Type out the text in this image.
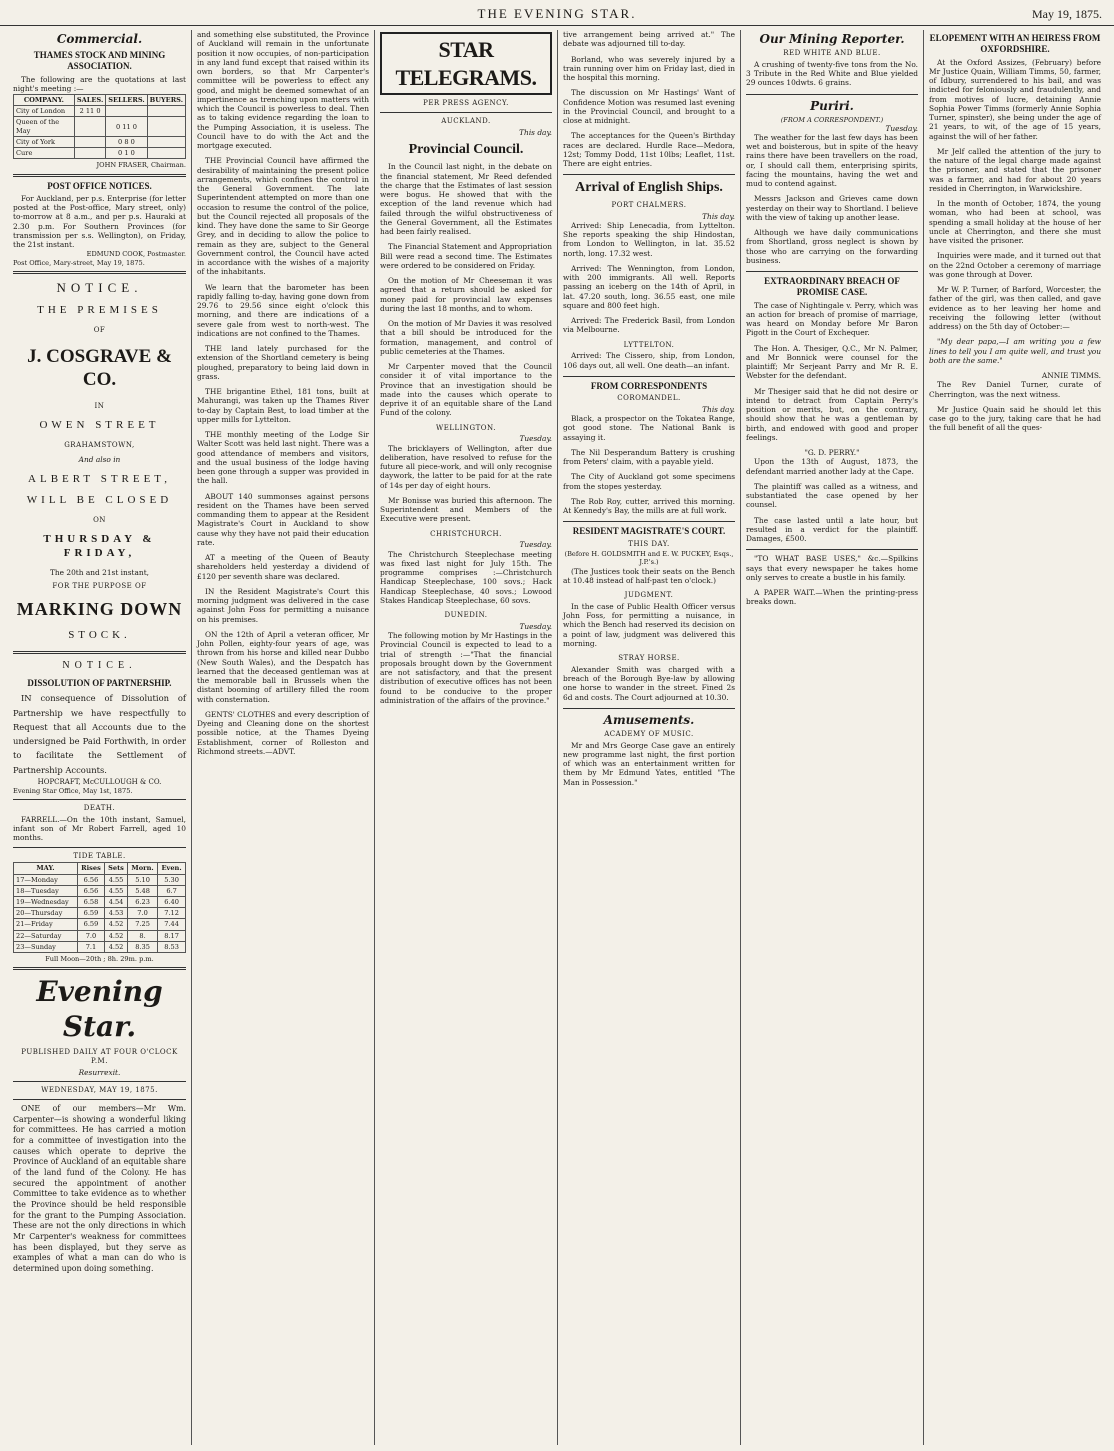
THE EVENING STAR.	May 19, 1875.
Commercial.
THAMES STOCK AND MINING ASSOCIATION.

The following are the quotations at last night's meeting :—

COMPANY.	SALES.	SELLERS.	BUYERS.
City of London	2 11 0		
Queen of the May		0 11 0	
City of York		0 8 0	
Cure		0 1 0	
JOHN FRASER, Chairman.
POST OFFICE NOTICES.

For Auckland, per p.s. Enterprise (for letter posted at the Post-office, Mary street, only) to-morrow at 8 a.m., and per p.s. Hauraki at 2.30 p.m. For Southern Provinces (for transmission per s.s. Wellington), on Friday, the 21st instant.

EDMUND COOK, Postmaster.
Post Office, Mary-street, May 19, 1875.
NOTICE.
THE PREMISES
OF
J. COSGRAVE & CO.
IN
OWEN STREET
GRAHAMSTOWN,
And also in
ALBERT STREET,
WILL BE CLOSED
ON
THURSDAY & FRIDAY,
The 20th and 21st instant,
FOR THE PURPOSE OF
MARKING DOWN
STOCK.
NOTICE.
DISSOLUTION OF PARTNERSHIP.

IN consequence of Dissolution of Partnership we have respectfully to Request that all Accounts due to the undersigned be Paid Forthwith, in order to facilitate the Settlement of Partnership Accounts.

HOPCRAFT, McCULLOUGH & CO.
Evening Star Office, May 1st, 1875.
DEATH.

FARRELL.—On the 10th instant, Samuel, infant son of Mr Robert Farrell, aged 10 months.

TIDE TABLE.
MAY.	Rises	Sets	Morn.	Even.
17—Monday	6.56	4.55	5.10	5.30
18—Tuesday	6.56	4.55	5.48	6.7
19—Wednesday	6.58	4.54	6.23	6.40
20—Thursday	6.59	4.53	7.0	7.12
21—Friday	6.59	4.52	7.25	7.44
22—Saturday	7.0	4.52	8.	8.17
23—Sunday	7.1	4.52	8.35	8.53
Full Moon—20th ; 8h. 29m. p.m.
Evening Star.
PUBLISHED DAILY AT FOUR O'CLOCK P.M.
Resurrexit.
WEDNESDAY, MAY 19, 1875.

ONE of our members—Mr Wm. Carpenter—is showing a wonderful liking for committees. He has carried a motion for a committee of investigation into the causes which operate to deprive the Province of Auckland of an equitable share of the land fund of the Colony. He has secured the appointment of another Committee to take evidence as to whether the Province should be held responsible for the grant to the Pumping Association. These are not the only directions in which Mr Carpenter's weakness for committees has been displayed, but they serve as examples of what a man can do who is determined upon doing something.

and something else substituted, the Province of Auckland will remain in the unfortunate position it now occupies, of non-participation in any land fund except that raised within its own borders, so that Mr Carpenter's committee will be powerless to effect any good, and might be deemed somewhat of an impertinence as trenching upon matters with which the Council is powerless to deal. Then as to taking evidence regarding the loan to the Pumping Association, it is useless. The Council have to do with the Act and the mortgage executed.

THE Provincial Council have affirmed the desirability of maintaining the present police arrangements, which confines the control in the General Government. The late Superintendent attempted on more than one occasion to resume the control of the police, but the Council rejected all proposals of the kind. They have done the same to Sir George Grey, and in deciding to allow the police to remain as they are, subject to the General Government control, the Council have acted in accordance with the wishes of a majority of the inhabitants.

We learn that the barometer has been rapidly falling to-day, having gone down from 29.76 to 29.56 since eight o'clock this morning, and there are indications of a severe gale from west to north-west. The indications are not confined to the Thames.

THE land lately purchased for the extension of the Shortland cemetery is being ploughed, preparatory to being laid down in grass.

THE brigantine Ethel, 181 tons, built at Mahurangi, was taken up the Thames River to-day by Captain Best, to load timber at the upper mills for Lyttelton.

THE monthly meeting of the Lodge Sir Walter Scott was held last night. There was a good attendance of members and visitors, and the usual business of the lodge having been gone through a supper was provided in the hall.

ABOUT 140 summonses against persons resident on the Thames have been served commanding them to appear at the Resident Magistrate's Court in Auckland to show cause why they have not paid their education rate.

AT a meeting of the Queen of Beauty shareholders held yesterday a dividend of £120 per seventh share was declared.

IN the Resident Magistrate's Court this morning judgment was delivered in the case against John Foss for permitting a nuisance on his premises.

ON the 12th of April a veteran officer, Mr John Pollen, eighty-four years of age, was thrown from his horse and killed near Dubbo (New South Wales), and the Despatch has learned that the deceased gentleman was at the memorable ball in Brussels when the distant booming of artillery filled the room with consternation.

GENTS' CLOTHES and every description of Dyeing and Cleaning done on the shortest possible notice, at the Thames Dyeing Establishment, corner of Rolleston and Richmond streets.—ADVT.

STAR TELEGRAMS.
PER PRESS AGENCY.
AUCKLAND.
This day.
Provincial Council.

In the Council last night, in the debate on the financial statement, Mr Reed defended the charge that the Estimates of last session were bogus. He showed that with the exception of the land revenue which had failed through the wilful obstructiveness of the General Government, all the Estimates had been fairly realised.

The Financial Statement and Appropriation Bill were read a second time. The Estimates were ordered to be considered on Friday.

On the motion of Mr Cheeseman it was agreed that a return should be asked for money paid for provincial law expenses during the last 18 months, and to whom.

On the motion of Mr Davies it was resolved that a bill should be introduced for the formation, management, and control of public cemeteries at the Thames.

Mr Carpenter moved that the Council consider it of vital importance to the Province that an investigation should be made into the causes which operate to deprive it of an equitable share of the Land Fund of the colony.

WELLINGTON.
Tuesday.

The bricklayers of Wellington, after due deliberation, have resolved to refuse for the future all piece-work, and will only recognise daywork, the latter to be paid for at the rate of 14s per day of eight hours.

Mr Bonisse was buried this afternoon. The Superintendent and Members of the Executive were present.

CHRISTCHURCH.
Tuesday.

The Christchurch Steeplechase meeting was fixed last night for July 15th. The programme comprises :—Christchurch Handicap Steeplechase, 100 sovs.; Hack Handicap Steeplechase, 40 sovs.; Lowood Stakes Handicap Steeplechase, 60 sovs.

DUNEDIN.
Tuesday.

The following motion by Mr Hastings in the Provincial Council is expected to lead to a trial of strength :—"That the financial proposals brought down by the Government are not satisfactory, and that the present distribution of executive offices has not been found to be conducive to the proper administration of the affairs of the province."

tive arrangement being arrived at." The debate was adjourned till to-day.

Borland, who was severely injured by a train running over him on Friday last, died in the hospital this morning.

The discussion on Mr Hastings' Want of Confidence Motion was resumed last evening in the Provincial Council, and brought to a close at midnight.

The acceptances for the Queen's Birthday races are declared. Hurdle Race—Medora, 12st; Tommy Dodd, 11st 10lbs; Leaflet, 11st. There are eight entries.

Arrival of English Ships.
PORT CHALMERS.
This day.

Arrived: Ship Lenecadia, from Lyttelton. She reports speaking the ship Hindostan, from London to Wellington, in lat. 35.52 north, long. 17.32 west.

Arrived: The Wennington, from London, with 200 immigrants. All well. Reports passing an iceberg on the 14th of April, in lat. 47.20 south, long. 36.55 east, one mile square and 800 feet high.

Arrived: The Frederick Basil, from London via Melbourne.

LYTTELTON.

Arrived: The Cissero, ship, from London, 106 days out, all well. One death—an infant.

FROM CORRESPONDENTS
COROMANDEL.
This day.

Black, a prospector on the Tokatea Range, got good stone. The National Bank is assaying it.

The Nil Desperandum Battery is crushing from Peters' claim, with a payable yield.

The City of Auckland got some specimens from the stopes yesterday.

The Rob Roy, cutter, arrived this morning. At Kennedy's Bay, the mills are at full work.

RESIDENT MAGISTRATE'S COURT.
THIS DAY.
(Before H. GOLDSMITH and E. W. PUCKEY, Esqs., J.P.'s.)

(The Justices took their seats on the Bench at 10.48 instead of half-past ten o'clock.)

JUDGMENT.

In the case of Public Health Officer versus John Foss, for permitting a nuisance, in which the Bench had reserved its decision on a point of law, judgment was delivered this morning.

STRAY HORSE.

Alexander Smith was charged with a breach of the Borough Bye-law by allowing one horse to wander in the street. Fined 2s 6d and costs. The Court adjourned at 10.30.

Amusements.
ACADEMY OF MUSIC.

Mr and Mrs George Case gave an entirely new programme last night, the first portion of which was an entertainment written for them by Mr Edmund Yates, entitled "The Man in Possession."

Our Mining Reporter.
RED WHITE AND BLUE.

A crushing of twenty-five tons from the No. 3 Tribute in the Red White and Blue yielded 29 ounces 10dwts. 6 grains.

Puriri.
(FROM A CORRESPONDENT.)
Tuesday.

The weather for the last few days has been wet and boisterous, but in spite of the heavy rains there have been travellers on the road, or, I should call them, enterprising spirits, facing the mountains, having the wet and mud to contend against.

Messrs Jackson and Grieves came down yesterday on their way to Shortland. I believe with the view of taking up another lease.

Although we have daily communications from Shortland, gross neglect is shown by those who are carrying on the forwarding business.

EXTRAORDINARY BREACH OF PROMISE CASE.

The case of Nightingale v. Perry, which was an action for breach of promise of marriage, was heard on Monday before Mr Baron Pigott in the Court of Exchequer.

The Hon. A. Thesiger, Q.C., Mr N. Palmer, and Mr Bonnick were counsel for the plaintiff; Mr Serjeant Parry and Mr R. E. Webster for the defendant.

Mr Thesiger said that he did not desire or intend to detract from Captain Perry's position or merits, but, on the contrary, should show that he was a gentleman by birth, and endowed with good and proper feelings.

"G. D. PERRY."

Upon the 13th of August, 1873, the defendant married another lady at the Cape.

The plaintiff was called as a witness, and substantiated the case opened by her counsel.

The case lasted until a late hour, but resulted in a verdict for the plaintiff. Damages, £500.

"TO WHAT BASE USES," &c.—Spilkins says that every newspaper he takes home only serves to create a bustle in his family.

A PAPER WAIT.—When the printing-press breaks down.

ELOPEMENT WITH AN HEIRESS FROM OXFORDSHIRE.

At the Oxford Assizes, (February) before Mr Justice Quain, William Timms, 50, farmer, of Idbury, surrendered to his bail, and was indicted for feloniously and fraudulently, and from motives of lucre, detaining Annie Sophia Power Timms (formerly Annie Sophia Turner, spinster), she being under the age of 21 years, to wit, of the age of 15 years, against the will of her father.

Mr Jelf called the attention of the jury to the nature of the legal charge made against the prisoner, and stated that the prisoner was a farmer, and had for about 20 years resided in Cherrington, in Warwickshire.

In the month of October, 1874, the young woman, who had been at school, was spending a small holiday at the house of her uncle at Cherrington, and there she must have visited the prisoner.

Inquiries were made, and it turned out that on the 22nd October a ceremony of marriage was gone through at Dover.

Mr W. P. Turner, of Barford, Worcester, the father of the girl, was then called, and gave evidence as to her leaving her home and receiving the following letter (without address) on the 5th day of October:—

"My dear papa,—I am writing you a few lines to tell you I am quite well, and trust you both are the same."

ANNIE TIMMS.

The Rev Daniel Turner, curate of Cherrington, was the next witness.

Mr Justice Quain said he should let this case go to the jury, taking care that he had the full benefit of all the ques-
